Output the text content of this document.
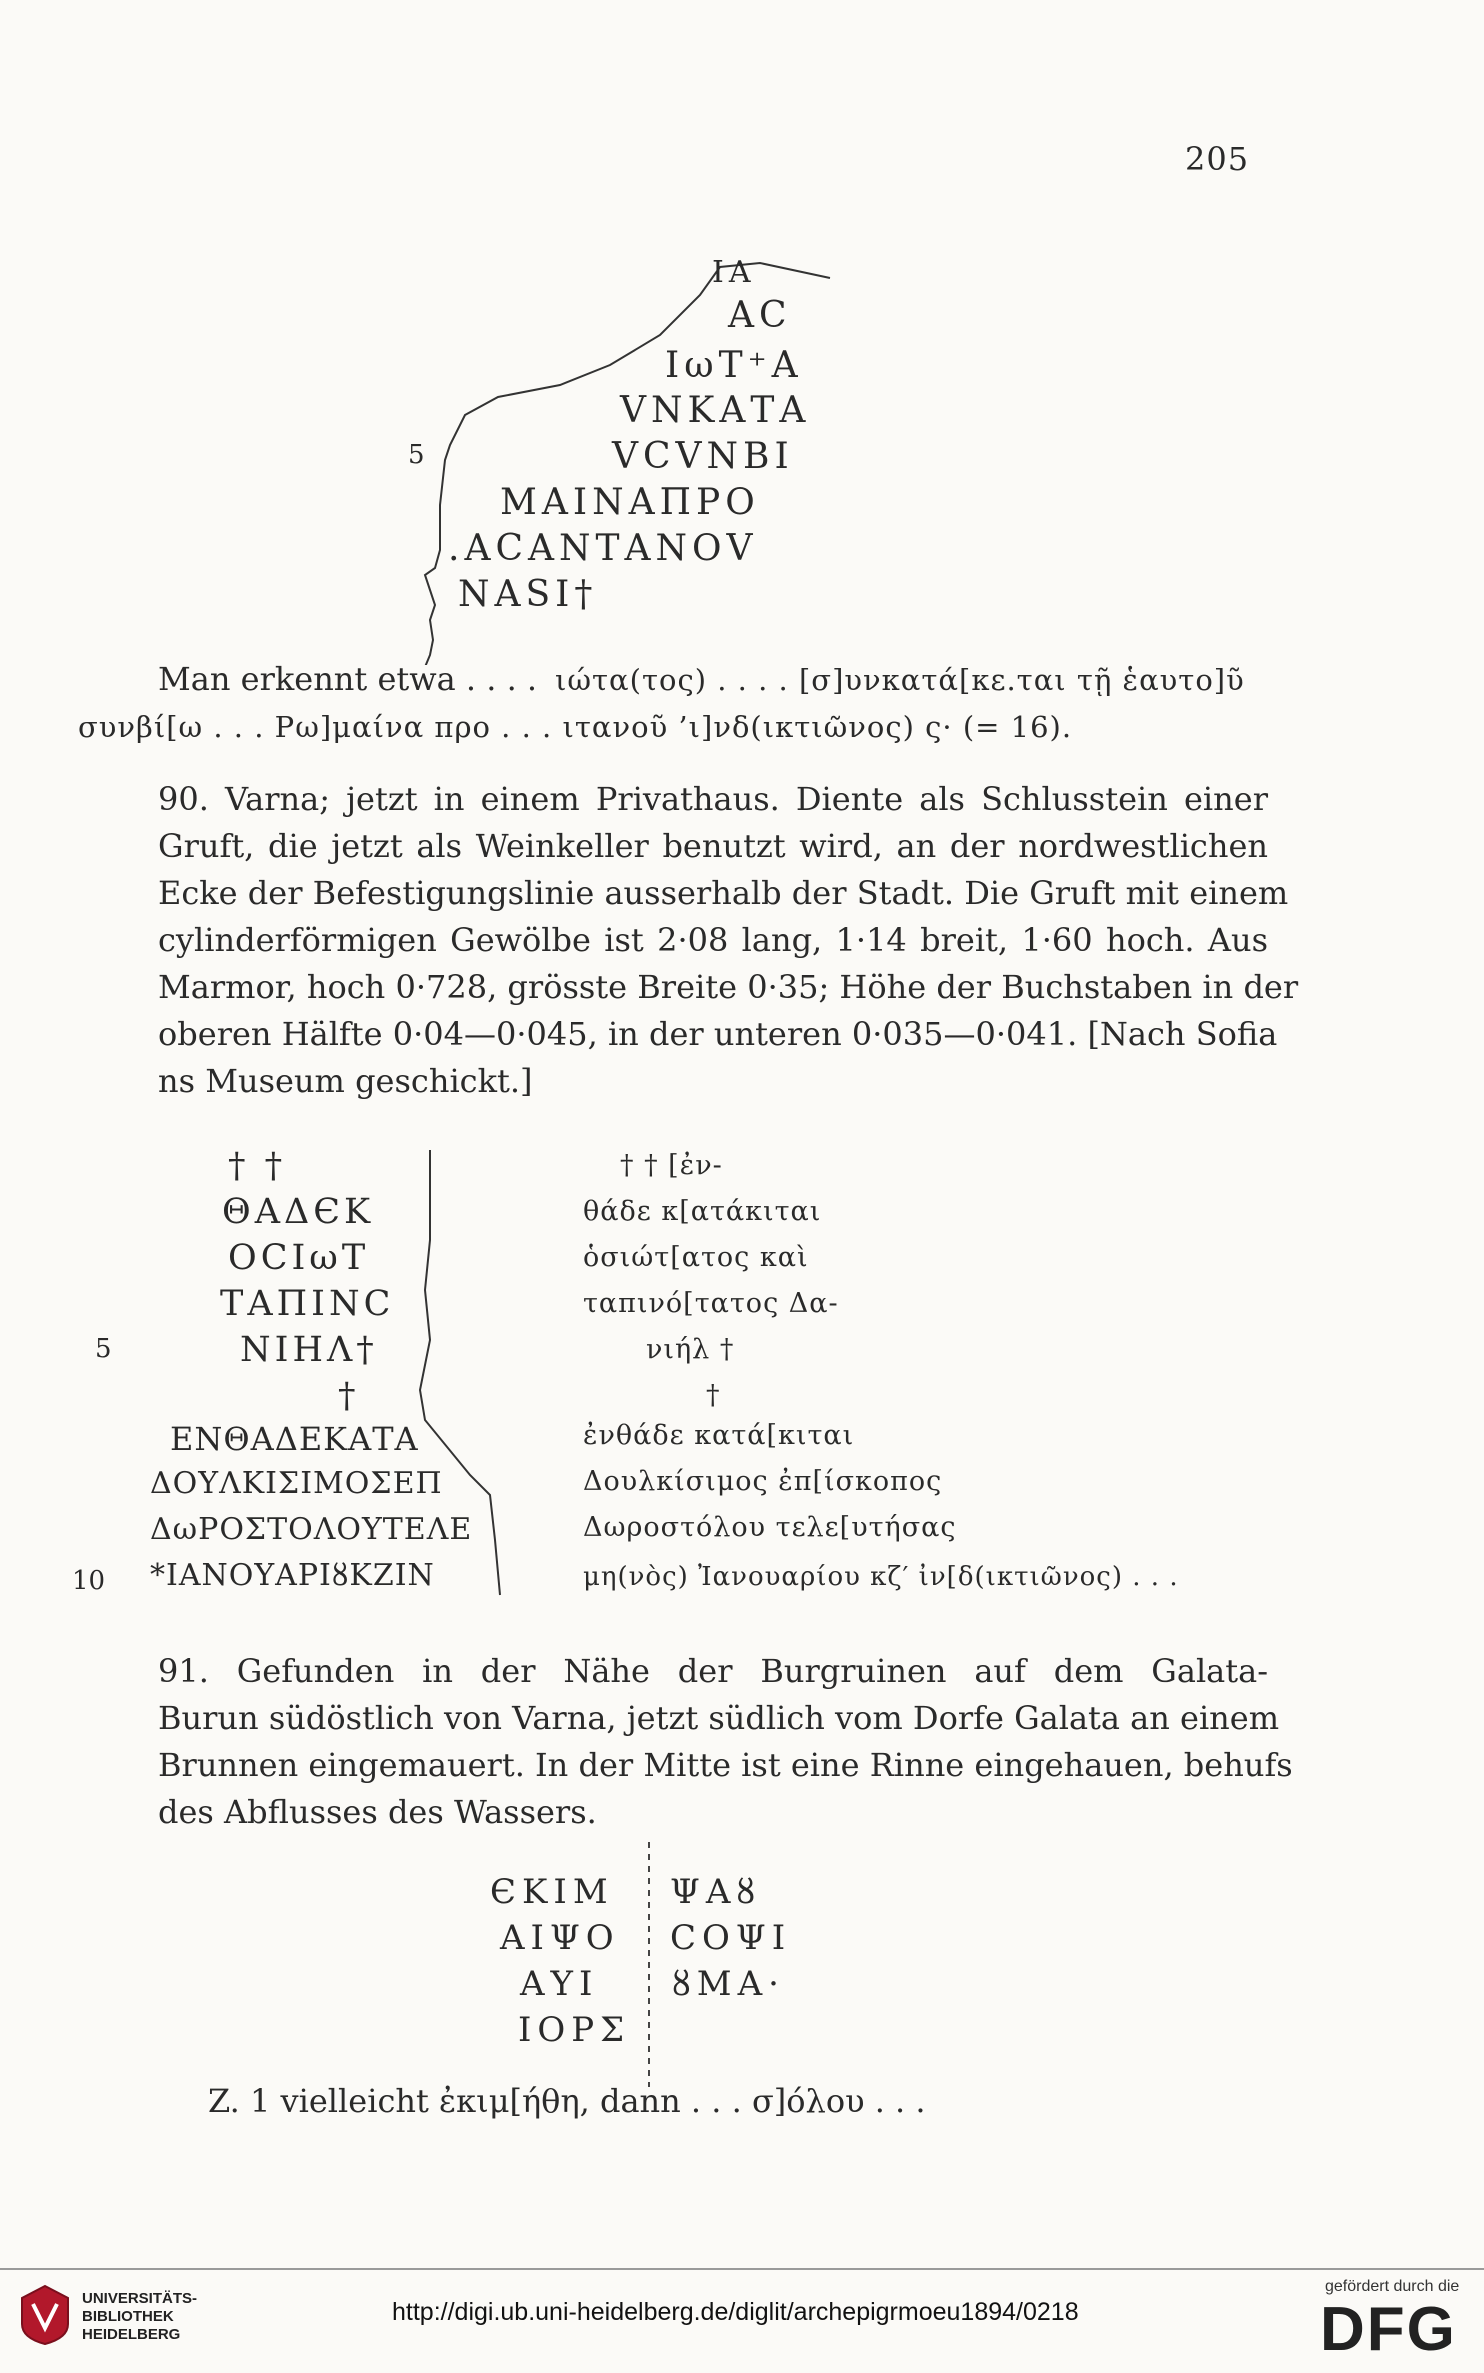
205
ΙΑ
ΑC
ΙωΤ⁺Α
VΝΚΑΤΑ
VCVΝΒΙ
ΜΑΙΝΑΠΡΟ
.ΑCΑΝΤΑΝΟV
ΝΑSΙ†
5
Man erkennt etwa . . . . ιώτα(τος) . . . . [σ]υνκατά[κε.ται τῇ ἑαυτο]ῦ
συνβί[ω . . . Ρω]μαίνα προ . . . ιτανοῦ ’ι]νδ(ικτιῶνος) ς· (= 16).
90. Varna; jetzt in einem Privathaus. Diente als Schlusstein einer
Gruft, die jetzt als Weinkeller benutzt wird, an der nordwestlichen
Ecke der Befestigungslinie ausserhalb der Stadt. Die Gruft mit einem
cylinderförmigen Gewölbe ist 2·08 lang, 1·14 breit, 1·60 hoch. Aus
Marmor, hoch 0·728, grösste Breite 0·35; Höhe der Buchstaben in der
oberen Hälfte 0·04—0·045, in der unteren 0·035—0·041. [Nach Sofia
ns Museum geschickt.]
† †
ΘΑΔЄΚ
ΟCΙωΤ
ΤΑΠΙΝϹ
ΝΙΗΛ†
†
ΕΝΘΑΔΕΚΑΤΑ
ΔΟΥΛΚΙΣΙΜΟΣΕΠ
ΔωΡΟΣΤΟΛΟΥΤΕΛΕ
*ΙΑΝΟΥΑΡΙȣΚΖΙΝ
5
10
† † [ἐν-
θάδε κ[ατάκιται
ὁσιώτ[ατος καὶ
ταπινό[τατος Δα-
νιήλ †
†
ἐνθάδε κατά[κιται
Δουλκίσιμος ἐπ[ίσκοπος
Δωροστόλου τελε[υτήσας
μη(νὸς) Ἰανουαρίου κζ′ ἰν[δ(ικτιῶνος) . . .
91. Gefunden in der Nähe der Burgruinen auf dem Galata-
Burun südöstlich von Varna, jetzt südlich vom Dorfe Galata an einem
Brunnen eingemauert. In der Mitte ist eine Rinne eingehauen, behufs
des Abflusses des Wassers.
ЄΚΙΜ
ΑΙΨΟ
ΑΥΙ
ΙΟΡΣ
ΨΑȣ
CΟΨΙ
ȣΜΑ·
Z. 1 vielleicht ἐκιμ[ήθη, dann . . . σ]όλου . . .
UNIVERSITÄTS-
BIBLIOTHEK
HEIDELBERG
http://digi.ub.uni-heidelberg.de/diglit/archepigrmoeu1894/0218
gefördert durch die
DFG
